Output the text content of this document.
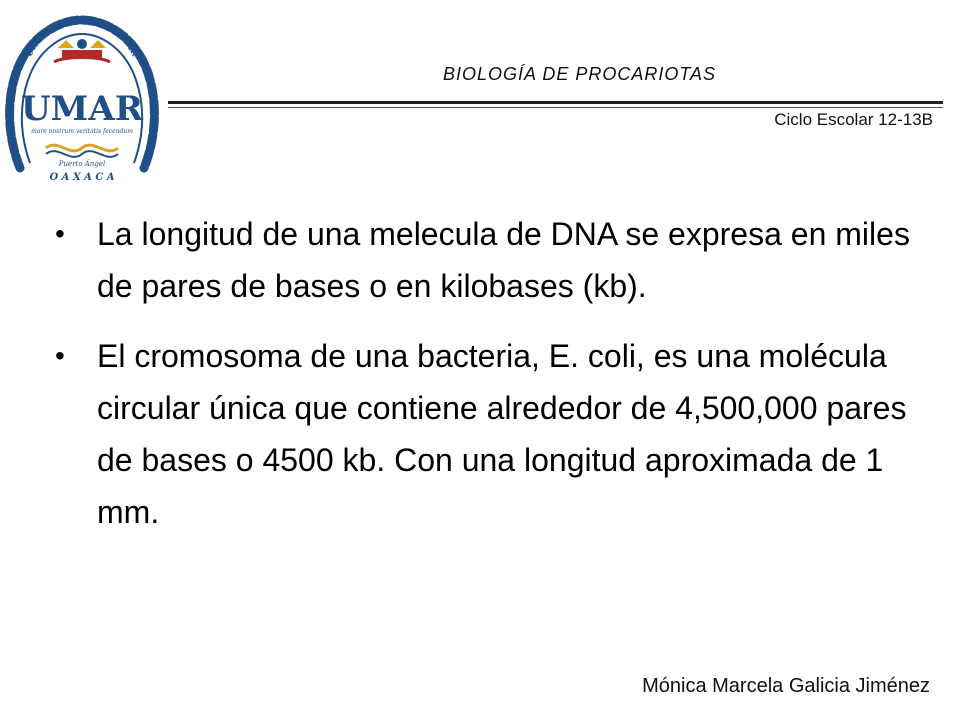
UNIVERSIDAD DEL MAR
UMAR
mare nostrum veritatis fecendum
Puerto Ángel
O A X A C A
BIOLOGÍA DE PROCARIOTAS
Ciclo Escolar 12-13B
• La longitud de una melecula de DNA se expresa en miles de pares de bases o en kilobases (kb).
• El cromosoma de una bacteria, E. coli, es una molécula circular única que contiene alrededor de 4,500,000 pares de bases o 4500 kb. Con una longitud aproximada de 1 mm.
Mónica Marcela Galicia Jiménez
